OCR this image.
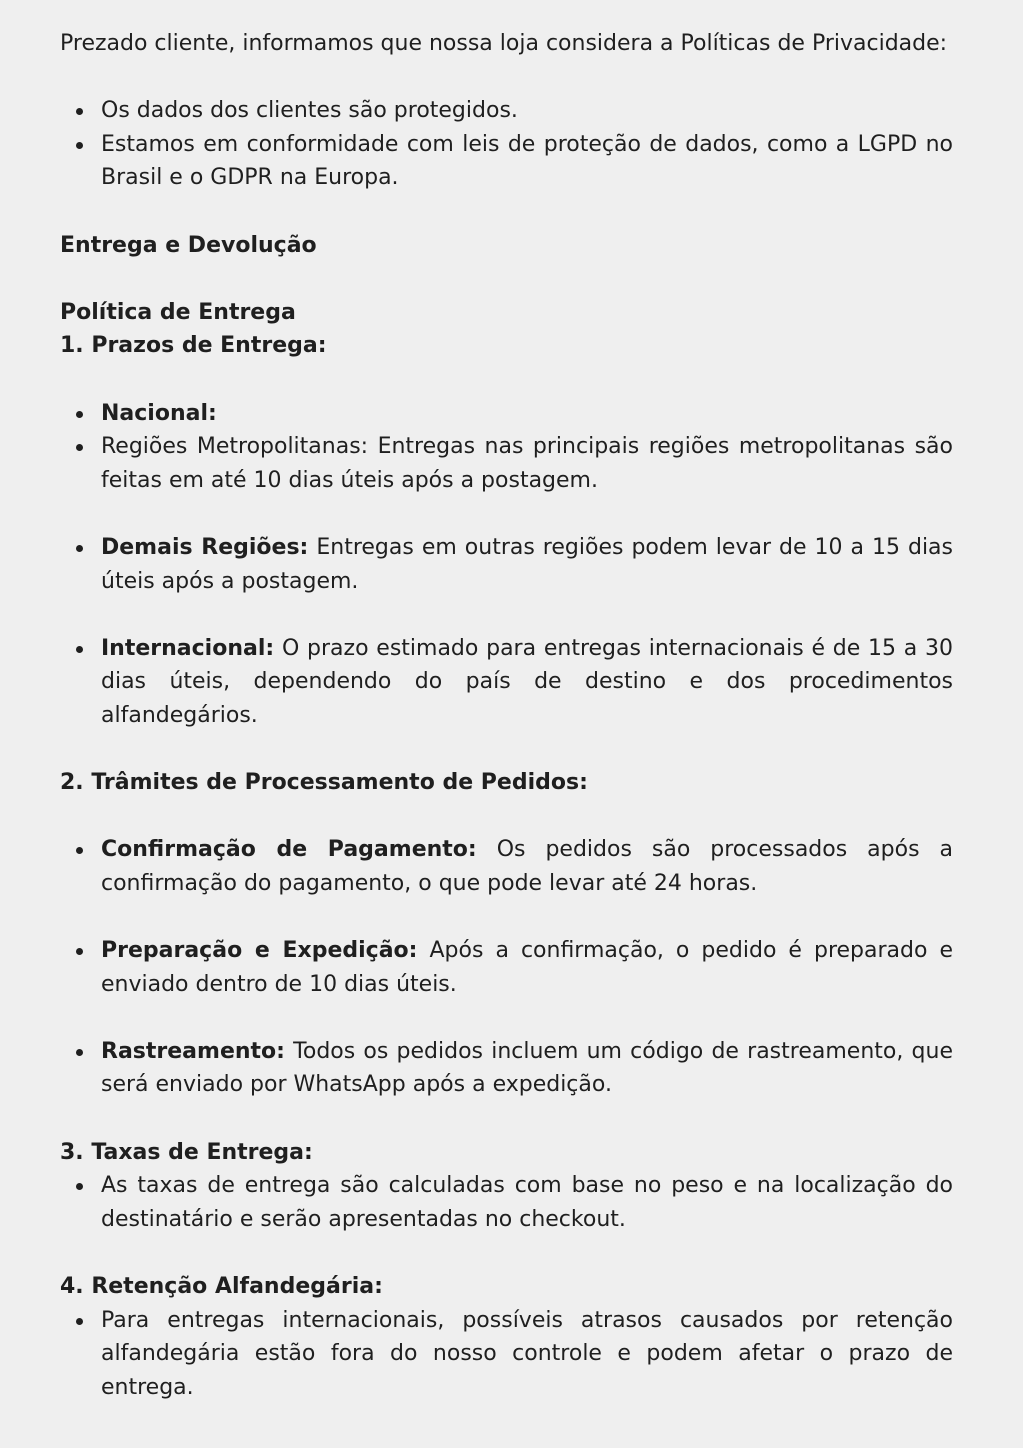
Prezado cliente, informamos que nossa loja considera a Políticas de Privacidade:

Os dados dos clientes são protegidos.
Estamos em conformidade com leis de proteção de dados, como a LGPD no Brasil e o GDPR na Europa.

Entrega e Devolução

Política de Entrega

1. Prazos de Entrega:

Nacional:
Regiões Metropolitanas: Entregas nas principais regiões metropolitanas são feitas em até 10 dias úteis após a postagem.
Demais Regiões: Entregas em outras regiões podem levar de 10 a 15 dias úteis após a postagem.
Internacional: O prazo estimado para entregas internacionais é de 15 a 30 dias úteis, dependendo do país de destino e dos procedimentos alfandegários.

2. Trâmites de Processamento de Pedidos:

Confirmação de Pagamento: Os pedidos são processados após a confirmação do pagamento, o que pode levar até 24 horas.
Preparação e Expedição: Após a confirmação, o pedido é preparado e enviado dentro de 10 dias úteis.
Rastreamento: Todos os pedidos incluem um código de rastreamento, que será enviado por WhatsApp após a expedição.

3. Taxas de Entrega:

As taxas de entrega são calculadas com base no peso e na localização do destinatário e serão apresentadas no checkout.

4. Retenção Alfandegária:

Para entregas internacionais, possíveis atrasos causados por retenção alfandegária estão fora do nosso controle e podem afetar o prazo de entrega.
